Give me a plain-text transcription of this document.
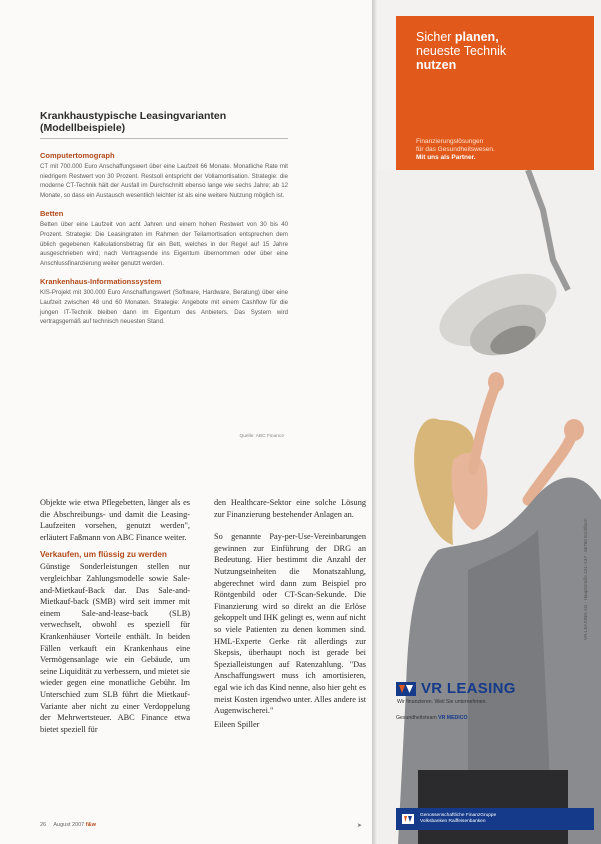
Krankhaustypische Leasingvarianten
(Modellbeispiele)
Computertomograph
CT mit 700.000 Euro Anschaffungswert über eine Laufzeit 66 Monate. Monatliche Rate mit niedrigem Restwert von 30 Prozent. Restsoll entspricht der Vollamortisation. Strategie: die moderne CT-Technik hält der Ausfall im Durchschnitt ebenso lange wie sechs Jahre; ab 12 Monate, so dass ein Austausch wesentlich leichter ist als eine weitere Nutzung möglich ist.
Betten
Betten über eine Laufzeit von acht Jahren und einem hohen Restwert von 30 bis 40 Prozent. Strategie: Die Leasingraten im Rahmen der Teilamortisation entsprechen dem üblich gegebenen Kalkulationsbetrag für ein Bett, welches in der Regel auf 15 Jahre ausgeschrieben wird; nach Vertragsende ins Eigentum übernommen oder über eine Anschlussfinanzierung weiter genutzt werden.
Krankenhaus-Informationssystem
KIS-Projekt mit 300.000 Euro Anschaffungswert (Software, Hardware, Beratung) über eine Laufzeit zwischen 48 und 60 Monaten. Strategie: Angebote mit einem Cashflow für die jungen IT-Technik bleiben dann im Eigentum des Anbieters. Das System wird vertragsgemäß auf technisch neuesten Stand.
Quelle: ABC Finance

Objekte wie etwa Pflegebetten, länger als es die Abschreibungs- und damit die Leasing-Laufzeiten vorsehen, genutzt werden", erläutert Faßmann von ABC Finance weiter.

Verkaufen, um flüssig zu werden

Günstige Sonderleistungen stellen nur vergleichbar Zahlungsmodelle sowie Sale-and-Mietkauf-Back dar. Das Sale-and-Mietkauf-back (SMB) wird seit immer mit einem Sale-and-lease-back (SLB) verwechselt, obwohl es speziell für Krankenhäuser Vorteile enthält. In beiden Fällen verkauft ein Krankenhaus eine Vermögensanlage wie ein Gebäude, um seine Liquidität zu verbessern, und mietet sie wieder gegen eine monatliche Gebühr. Im Unterschied zum SLB führt die Mietkauf-Variante aber nicht zu einer Verdoppelung der Mehrwertsteuer. ABC Finance etwa bietet speziell für

den Healthcare-Sektor eine solche Lösung zur Finanzierung bestehender Anlagen an.

So genannte Pay-per-Use-Vereinbarungen gewinnen zur Einführung der DRG an Bedeutung. Hier bestimmt die Anzahl der Nutzungseinheiten die Monatszahlung, abgerechnet wird dann zum Beispiel pro Röntgenbild oder CT-Scan-Sekunde. Die Finanzierung wird so direkt an die Erlöse gekoppelt und IHK gelingt es, wenn auf nicht so viele Patienten zu denen kommen sind. HML-Experte Gerke rät allerdings zur Skepsis, überhaupt noch ist gerade bei Spezialleistungen auf Ratenzahlung. "Das Anschaffungswert muss ich amortisieren, egal wie ich das Kind nenne, also hier geht es meist Kosten irgendwo unter. Alles andere ist Augenwischerei."

Eileen Spiller

26 August 2007 f&w	➤
Sicher planen,
neueste Technik
nutzen
Finanzierungslösungen
für das Gesundheitswesen.
Mit uns als Partner.
VR LEASING
Wir finanzieren. Weil Sie unternehmen.
Gesundheitsteam VR MEDICO
Genossenschaftliche FinanzGruppe
Volksbanken Raiffeisenbanken
VR-LEASING AG · Hauptstraße 131–137 · 65760 Eschborn
